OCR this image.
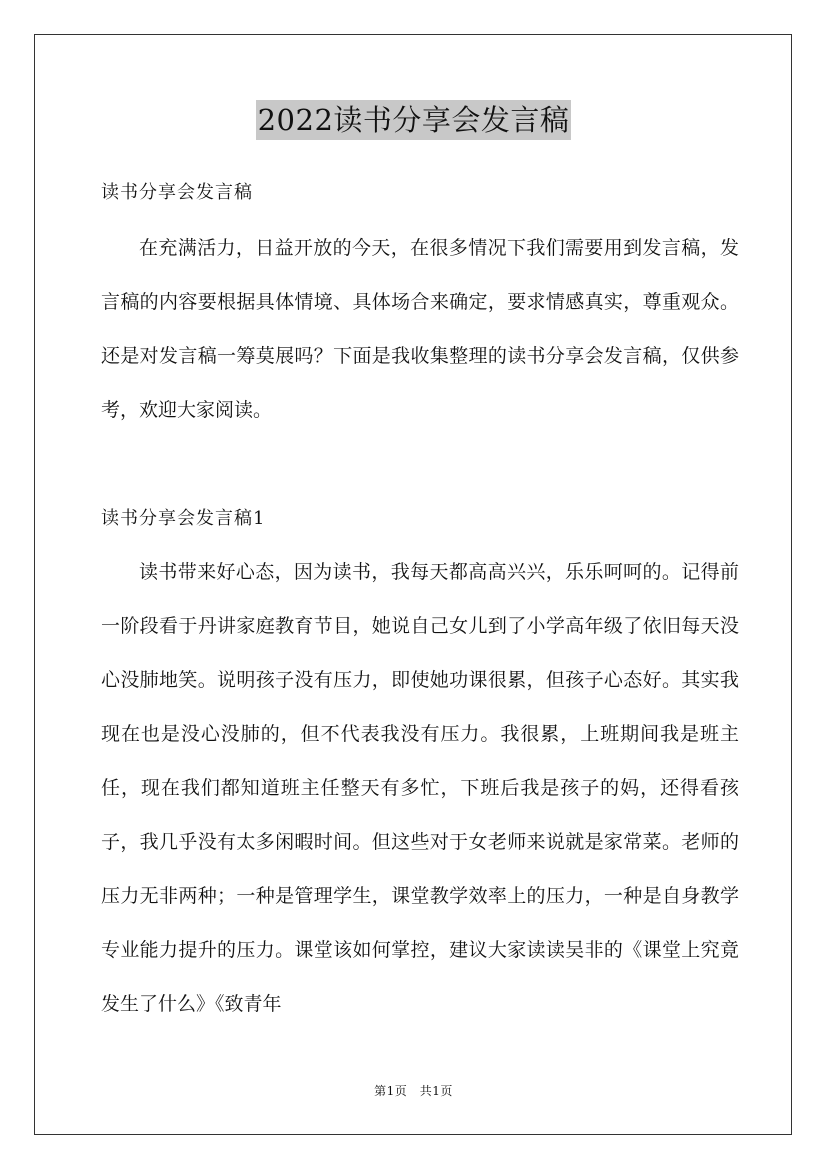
2022读书分享会发言稿
读书分享会发言稿

在充满活力，日益开放的今天，在很多情况下我们需要用到发言稿，发言稿的内容要根据具体情境、具体场合来确定，要求情感真实，尊重观众。还是对发言稿一筹莫展吗？下面是我收集整理的读书分享会发言稿，仅供参考，欢迎大家阅读。

读书分享会发言稿1

读书带来好心态，因为读书，我每天都高高兴兴，乐乐呵呵的。记得前一阶段看于丹讲家庭教育节目，她说自己女儿到了小学高年级了依旧每天没心没肺地笑。说明孩子没有压力，即使她功课很累，但孩子心态好。其实我现在也是没心没肺的，但不代表我没有压力。我很累，上班期间我是班主任，现在我们都知道班主任整天有多忙，下班后我是孩子的妈，还得看孩子，我几乎没有太多闲暇时间。但这些对于女老师来说就是家常菜。老师的压力无非两种；一种是管理学生，课堂教学效率上的压力，一种是自身教学专业能力提升的压力。课堂该如何掌控，建议大家读读吴非的《课堂上究竟发生了什么》《致青年

第1页　共1页
